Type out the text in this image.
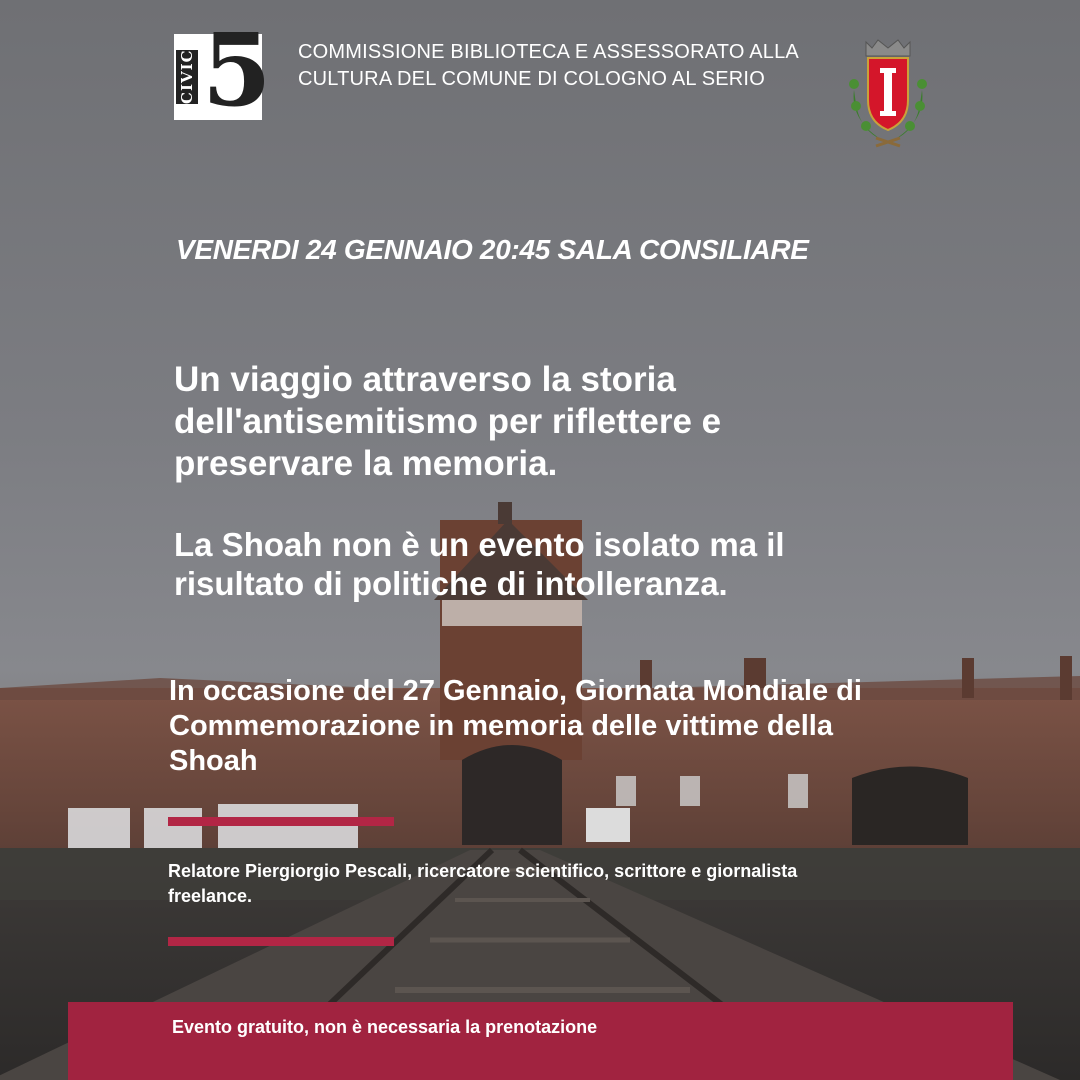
CIVICO 5 COMMISSIONE BIBLIOTECA E ASSESSORATO ALLA CULTURA DEL COMUNE DI COLOGNO AL SERIO
VENERDI 24 GENNAIO 20:45 SALA CONSILIARE
Un viaggio attraverso la storia dell'antisemitismo per riflettere e preservare la memoria.
La Shoah non è un evento isolato ma il risultato di politiche di intolleranza.
In occasione del 27 Gennaio, Giornata Mondiale di Commemorazione in memoria delle vittime della Shoah
Relatore Piergiorgio Pescali, ricercatore scientifico, scrittore e giornalista freelance.
Evento gratuito, non è necessaria la prenotazione
